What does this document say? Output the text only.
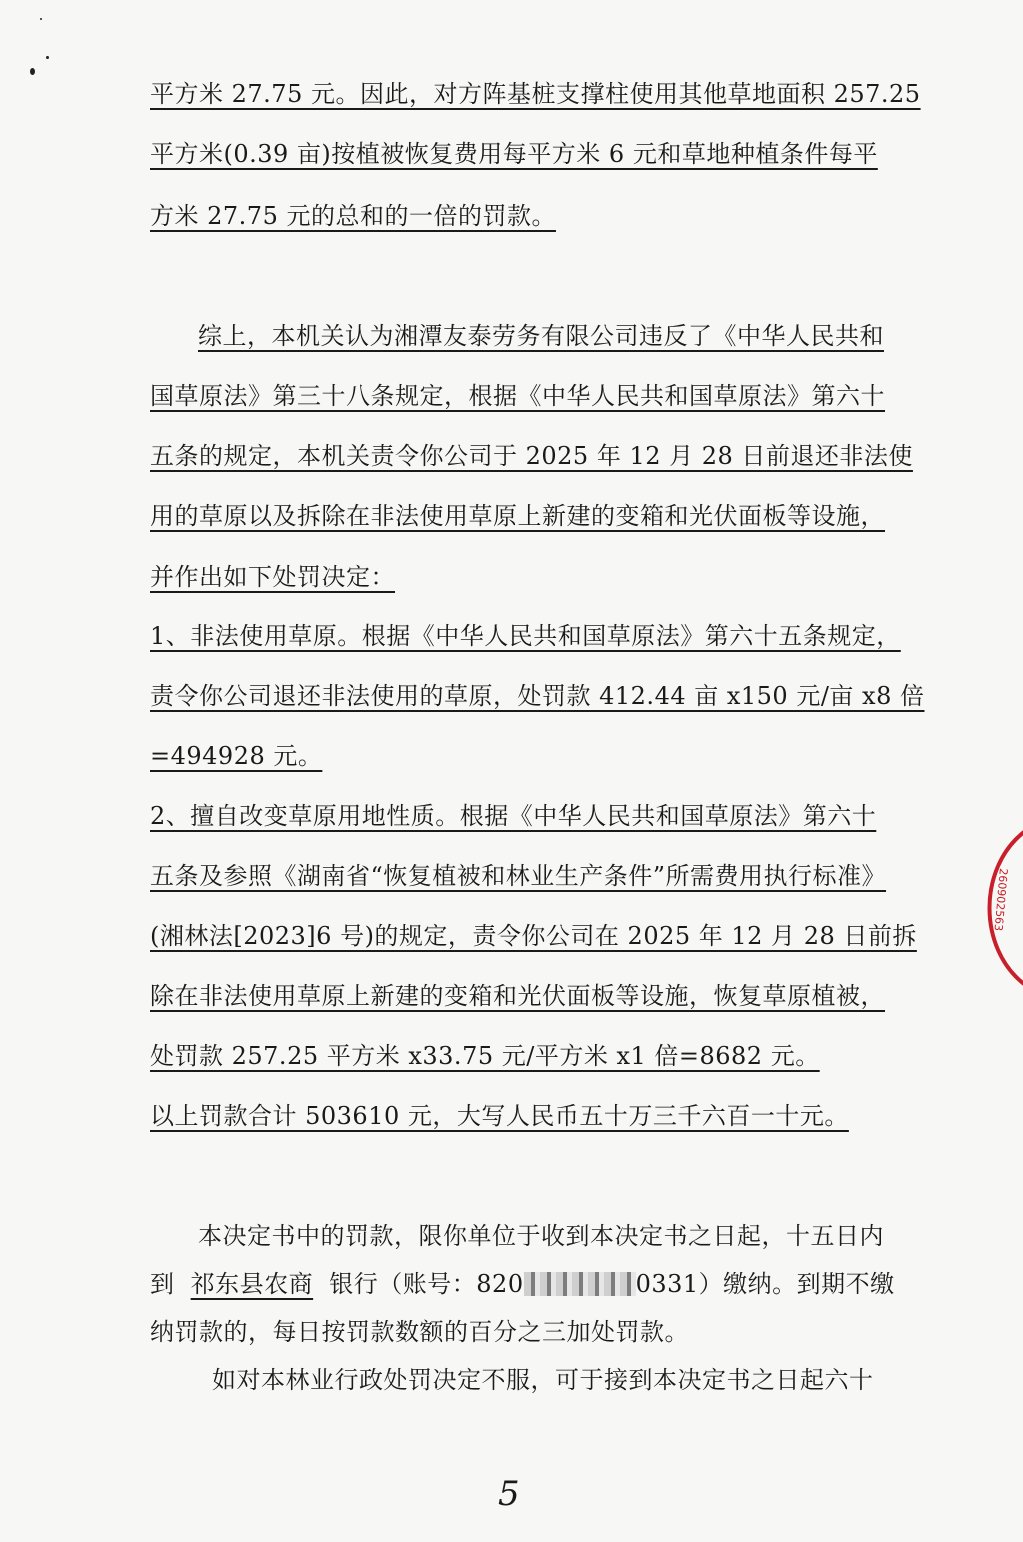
平方米 27.75 元。因此，对方阵基桩支撑柱使用其他草地面积 257.25
平方米(0.39 亩)按植被恢复费用每平方米 6 元和草地种植条件每平
方米 27.75 元的总和的一倍的罚款。
综上，本机关认为湘潭友泰劳务有限公司违反了《中华人民共和
国草原法》第三十八条规定，根据《中华人民共和国草原法》第六十
五条的规定，本机关责令你公司于 2025 年 12 月 28 日前退还非法使
用的草原以及拆除在非法使用草原上新建的变箱和光伏面板等设施，
并作出如下处罚决定：
1、非法使用草原。根据《中华人民共和国草原法》第六十五条规定，
责令你公司退还非法使用的草原，处罚款 412.44 亩 x150 元/亩 x8 倍
=494928 元。
2、擅自改变草原用地性质。根据《中华人民共和国草原法》第六十
五条及参照《湖南省“恢复植被和林业生产条件”所需费用执行标准》
(湘林法[2023]6 号)的规定，责令你公司在 2025 年 12 月 28 日前拆
除在非法使用草原上新建的变箱和光伏面板等设施，恢复草原植被，
处罚款 257.25 平方米 x33.75 元/平方米 x1 倍=8682 元。
以上罚款合计 503610 元，大写人民币五十万三千六百一十元。
本决定书中的罚款，限你单位于收到本决定书之日起，十五日内
到 祁东县农商 银行（账号：820	0331）缴纳。到期不缴
纳罚款的，每日按罚款数额的百分之三加处罚款。
如对本林业行政处罚决定不服，可于接到本决定书之日起六十
260902563
5
